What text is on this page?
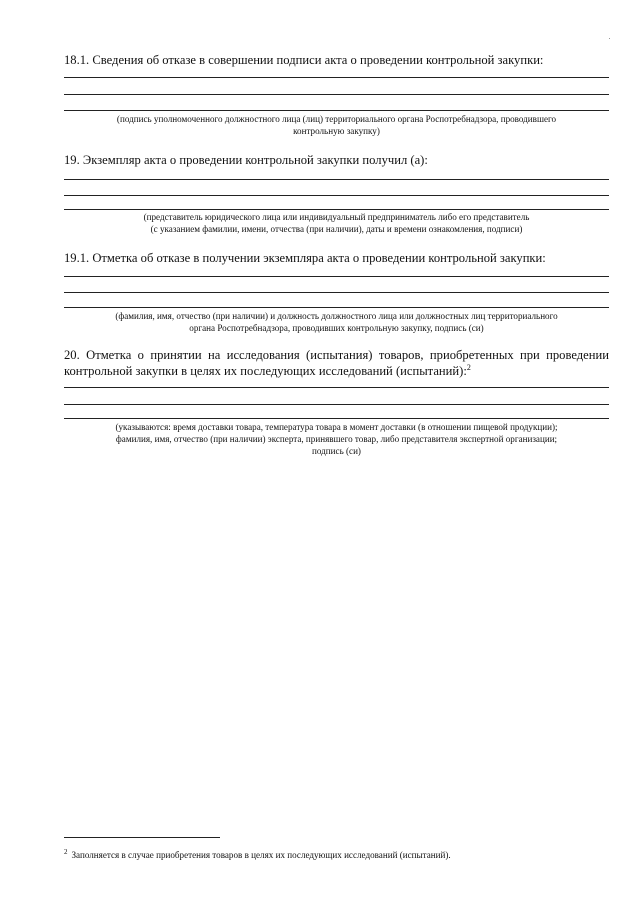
18.1. Сведения об отказе в совершении подписи акта о проведении контрольной закупки:

(подпись уполномоченного должностного лица (лиц) территориального органа Роспотребнадзора, проводившего
контрольную закупку)

19. Экземпляр акта о проведении контрольной закупки получил (а):

(представитель юридического лица или индивидуальный предприниматель либо его представитель
(с указанием фамилии, имени, отчества (при наличии), даты и времени ознакомления, подписи)

19.1. Отметка об отказе в получении экземпляра акта о проведении контрольной закупки:

(фамилия, имя, отчество (при наличии) и должность должностного лица или должностных лиц территориального
органа Роспотребнадзора, проводивших контрольную закупку, подпись (си)

20. Отметка о принятии на исследования (испытания) товаров, приобретенных при проведении контрольной закупки в целях их последующих исследований (испытаний):$^2$

(указываются: время доставки товара, температура товара в момент доставки (в отношении пищевой продукции);
фамилия, имя, отчество (при наличии) эксперта, принявшего товар, либо представителя экспертной организации;
подпись (си)

$^2$ Заполняется в случае приобретения товаров в целях их последующих исследований (испытаний).
